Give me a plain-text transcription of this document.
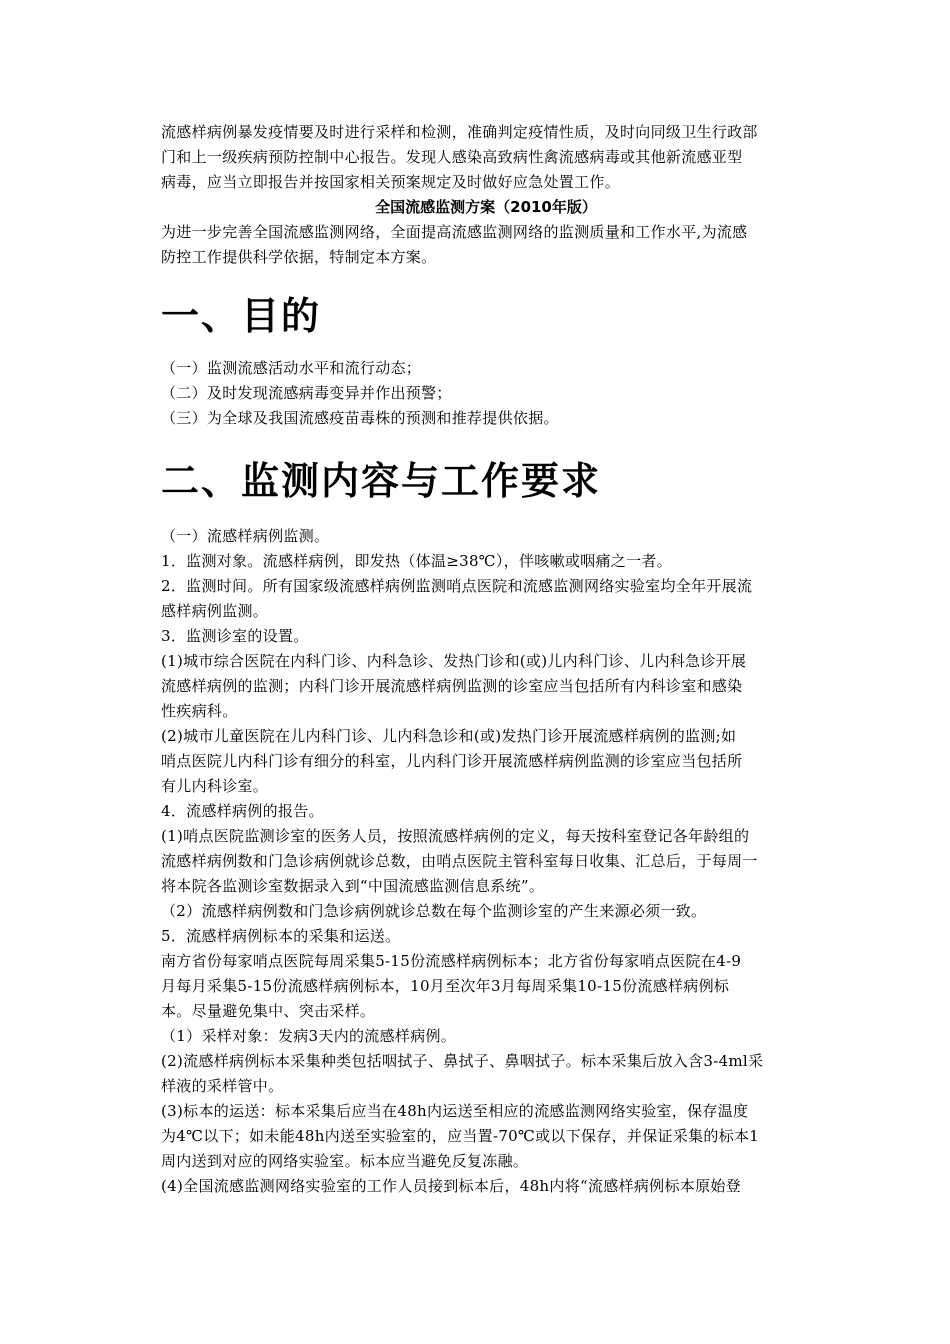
流感样病例暴发疫情要及时进行采样和检测，准确判定疫情性质，及时向同级卫生行政部
门和上一级疾病预防控制中心报告。发现人感染高致病性禽流感病毒或其他新流感亚型
病毒，应当立即报告并按国家相关预案规定及时做好应急处置工作。
全国流感监测方案（2010年版）
为进一步完善全国流感监测网络，全面提高流感监测网络的监测质量和工作水平,为流感
防控工作提供科学依据，特制定本方案。
一、目的
（一）监测流感活动水平和流行动态；
（二）及时发现流感病毒变异并作出预警；
（三）为全球及我国流感疫苗毒株的预测和推荐提供依据。
二、监测内容与工作要求
（一）流感样病例监测。
1．监测对象。流感样病例，即发热（体温≥38℃），伴咳嗽或咽痛之一者。
2．监测时间。所有国家级流感样病例监测哨点医院和流感监测网络实验室均全年开展流
感样病例监测。
3．监测诊室的设置。
(1)城市综合医院在内科门诊、内科急诊、发热门诊和(或)儿内科门诊、儿内科急诊开展
流感样病例的监测；内科门诊开展流感样病例监测的诊室应当包括所有内科诊室和感染
性疾病科。
(2)城市儿童医院在儿内科门诊、儿内科急诊和(或)发热门诊开展流感样病例的监测;如
哨点医院儿内科门诊有细分的科室，儿内科门诊开展流感样病例监测的诊室应当包括所
有儿内科诊室。
4．流感样病例的报告。
(1)哨点医院监测诊室的医务人员，按照流感样病例的定义，每天按科室登记各年龄组的
流感样病例数和门急诊病例就诊总数，由哨点医院主管科室每日收集、汇总后，于每周一
将本院各监测诊室数据录入到“中国流感监测信息系统”。
（2）流感样病例数和门急诊病例就诊总数在每个监测诊室的产生来源必须一致。
5．流感样病例标本的采集和运送。
南方省份每家哨点医院每周采集5-15份流感样病例标本；北方省份每家哨点医院在4-9
月每月采集5-15份流感样病例标本，10月至次年3月每周采集10-15份流感样病例标
本。尽量避免集中、突击采样。
（1）采样对象：发病3天内的流感样病例。
(2)流感样病例标本采集种类包括咽拭子、鼻拭子、鼻咽拭子。标本采集后放入含3-4ml采
样液的采样管中。
(3)标本的运送：标本采集后应当在48h内运送至相应的流感监测网络实验室，保存温度
为4℃以下；如未能48h内送至实验室的，应当置-70℃或以下保存，并保证采集的标本1
周内送到对应的网络实验室。标本应当避免反复冻融。
(4)全国流感监测网络实验室的工作人员接到标本后，48h内将“流感样病例标本原始登
